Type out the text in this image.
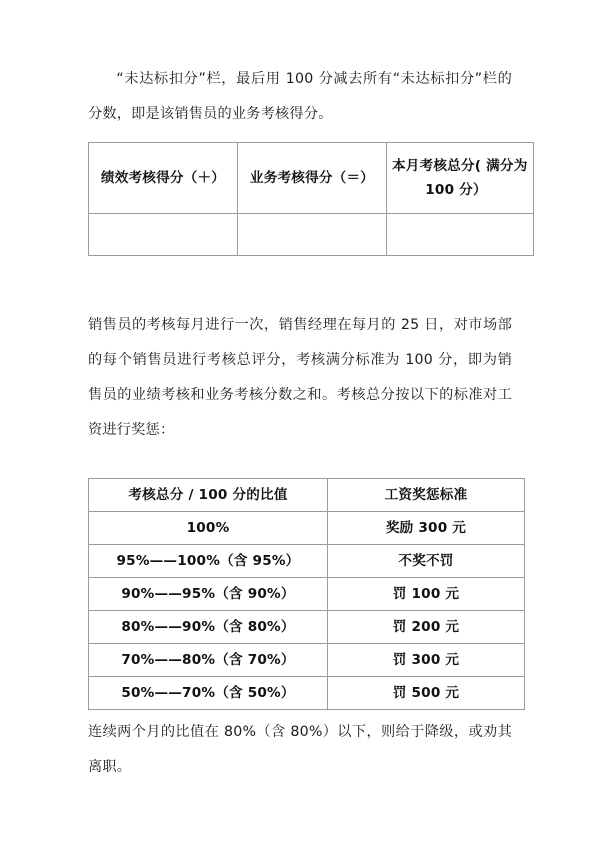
“未达标扣分”栏，最后用 100 分减去所有“未达标扣分”栏的分数，即是该销售员的业务考核得分。

绩效考核得分（＋）	业务考核得分（＝）	本月考核总分( 满分为
100 分）

销售员的考核每月进行一次，销售经理在每月的 25 日，对市场部的每个销售员进行考核总评分，考核满分标准为 100 分，即为销售员的业绩考核和业务考核分数之和。考核总分按以下的标准对工资进行奖惩：

考核总分 / 100 分的比值	工资奖惩标准
100%	奖励 300 元
95%——100%（含 95%）	不奖不罚
90%——95%（含 90%）	罚 100 元
80%——90%（含 80%）	罚 200 元
70%——80%（含 70%）	罚 300 元
50%——70%（含 50%）	罚 500 元

连续两个月的比值在 80%（含 80%）以下，则给于降级，或劝其离职。
